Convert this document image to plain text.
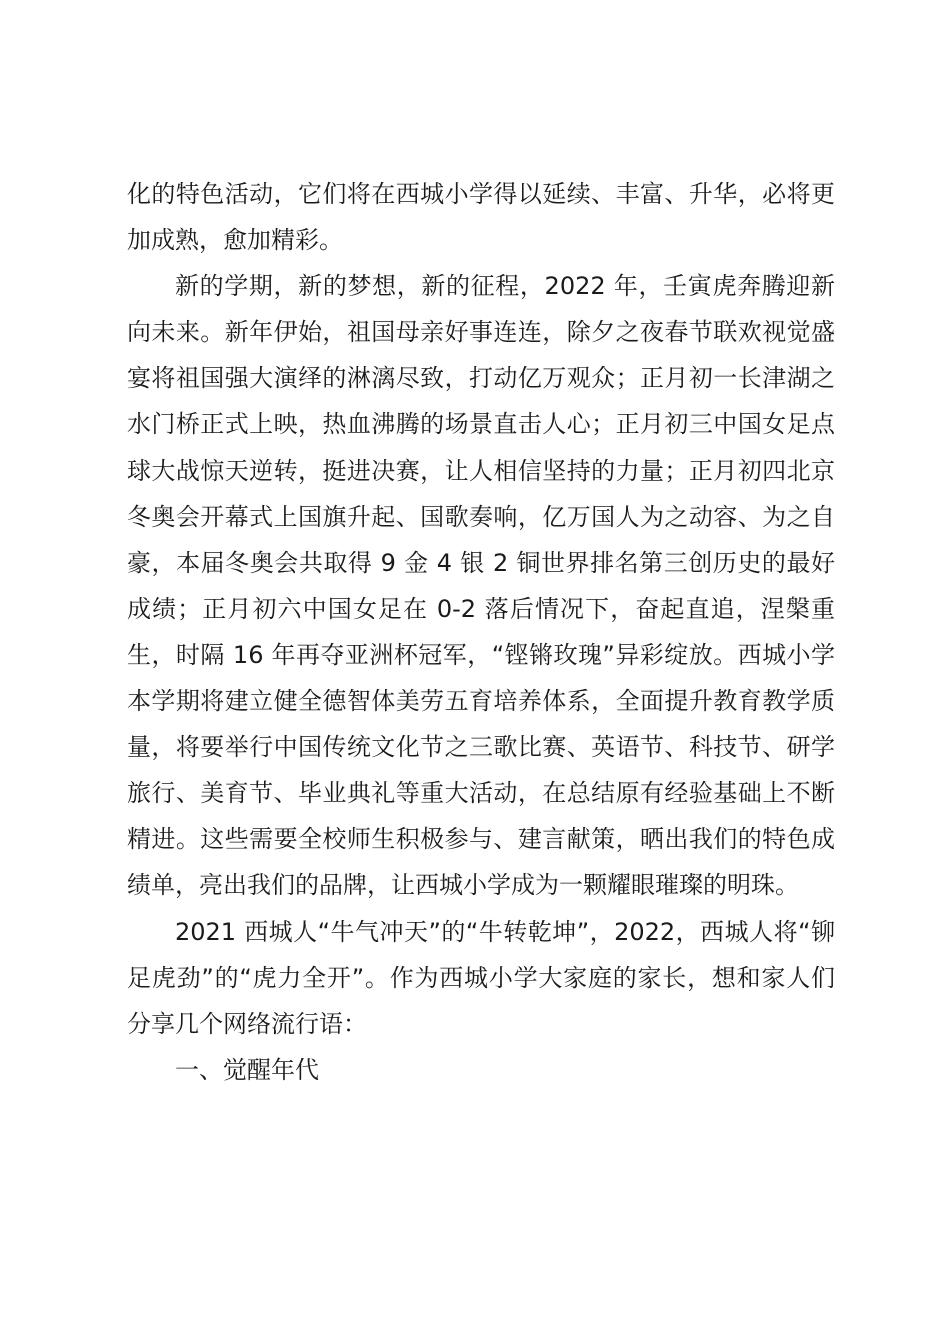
化的特色活动，它们将在西城小学得以延续、丰富、升华，必将更加成熟，愈加精彩。

新的学期，新的梦想，新的征程，2022 年，壬寅虎奔腾迎新向未来。新年伊始，祖国母亲好事连连，除夕之夜春节联欢视觉盛宴将祖国强大演绎的淋漓尽致，打动亿万观众；正月初一长津湖之水门桥正式上映，热血沸腾的场景直击人心；正月初三中国女足点球大战惊天逆转，挺进决赛，让人相信坚持的力量；正月初四北京冬奥会开幕式上国旗升起、国歌奏响，亿万国人为之动容、为之自豪，本届冬奥会共取得 9 金 4 银 2 铜世界排名第三创历史的最好成绩；正月初六中国女足在 0-2 落后情况下，奋起直追，涅槃重生，时隔 16 年再夺亚洲杯冠军，“铿锵玫瑰”异彩绽放。西城小学本学期将建立健全德智体美劳五育培养体系，全面提升教育教学质量，将要举行中国传统文化节之三歌比赛、英语节、科技节、研学旅行、美育节、毕业典礼等重大活动，在总结原有经验基础上不断精进。这些需要全校师生积极参与、建言献策，晒出我们的特色成绩单，亮出我们的品牌，让西城小学成为一颗耀眼璀璨的明珠。

2021 西城人“牛气冲天”的“牛转乾坤”，2022，西城人将“铆足虎劲”的“虎力全开”。作为西城小学大家庭的家长，想和家人们分享几个网络流行语：

一、觉醒年代
